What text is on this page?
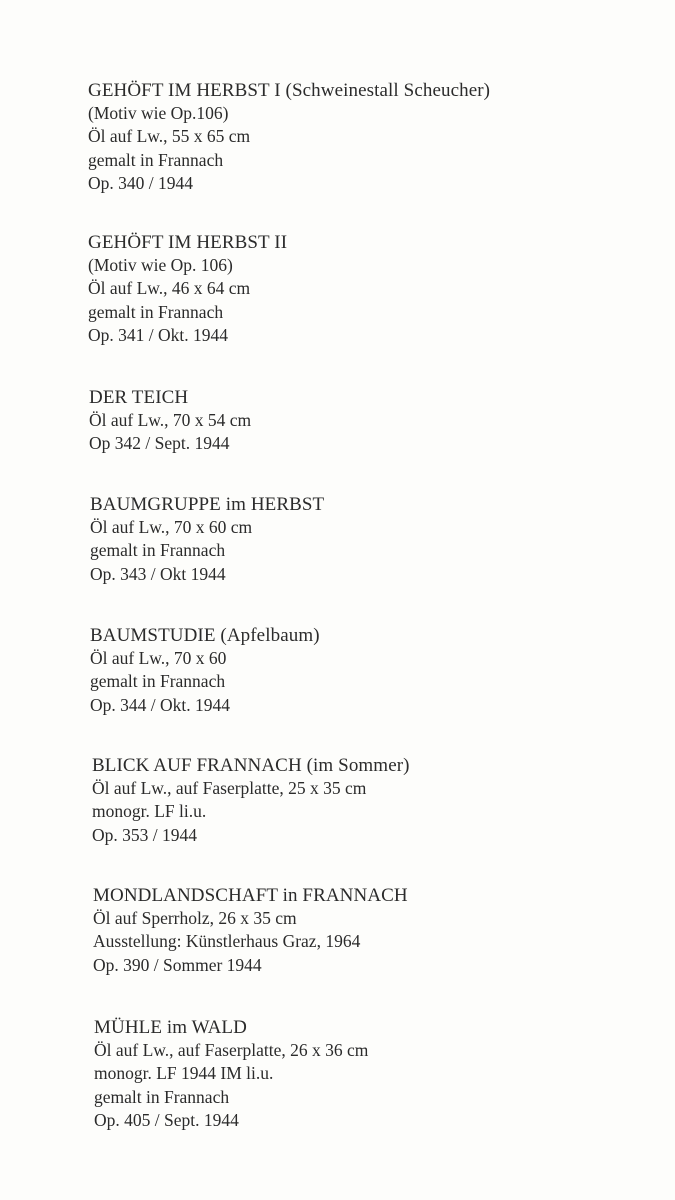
GEHÖFT IM HERBST I (Schweinestall Scheucher)
(Motiv wie Op.106)
Öl auf Lw., 55 x 65 cm
gemalt in Frannach
Op. 340 / 1944
GEHÖFT IM HERBST II
(Motiv wie Op. 106)
Öl auf Lw., 46 x 64 cm
gemalt in Frannach
Op. 341 / Okt. 1944
DER TEICH
Öl auf Lw., 70 x 54 cm
Op 342 / Sept. 1944
BAUMGRUPPE im HERBST
Öl auf Lw., 70 x 60 cm
gemalt in Frannach
Op. 343 / Okt 1944
BAUMSTUDIE (Apfelbaum)
Öl auf Lw., 70 x 60
gemalt in Frannach
Op. 344 / Okt. 1944
BLICK AUF FRANNACH (im Sommer)
Öl auf Lw., auf Faserplatte, 25 x 35 cm
monogr. LF li.u.
Op. 353 / 1944
MONDLANDSCHAFT in FRANNACH
Öl auf Sperrholz, 26 x 35 cm
Ausstellung: Künstlerhaus Graz, 1964
Op. 390 / Sommer 1944
MÜHLE im WALD
Öl auf Lw., auf Faserplatte, 26 x 36 cm
monogr. LF 1944 IM li.u.
gemalt in Frannach
Op. 405 / Sept. 1944
